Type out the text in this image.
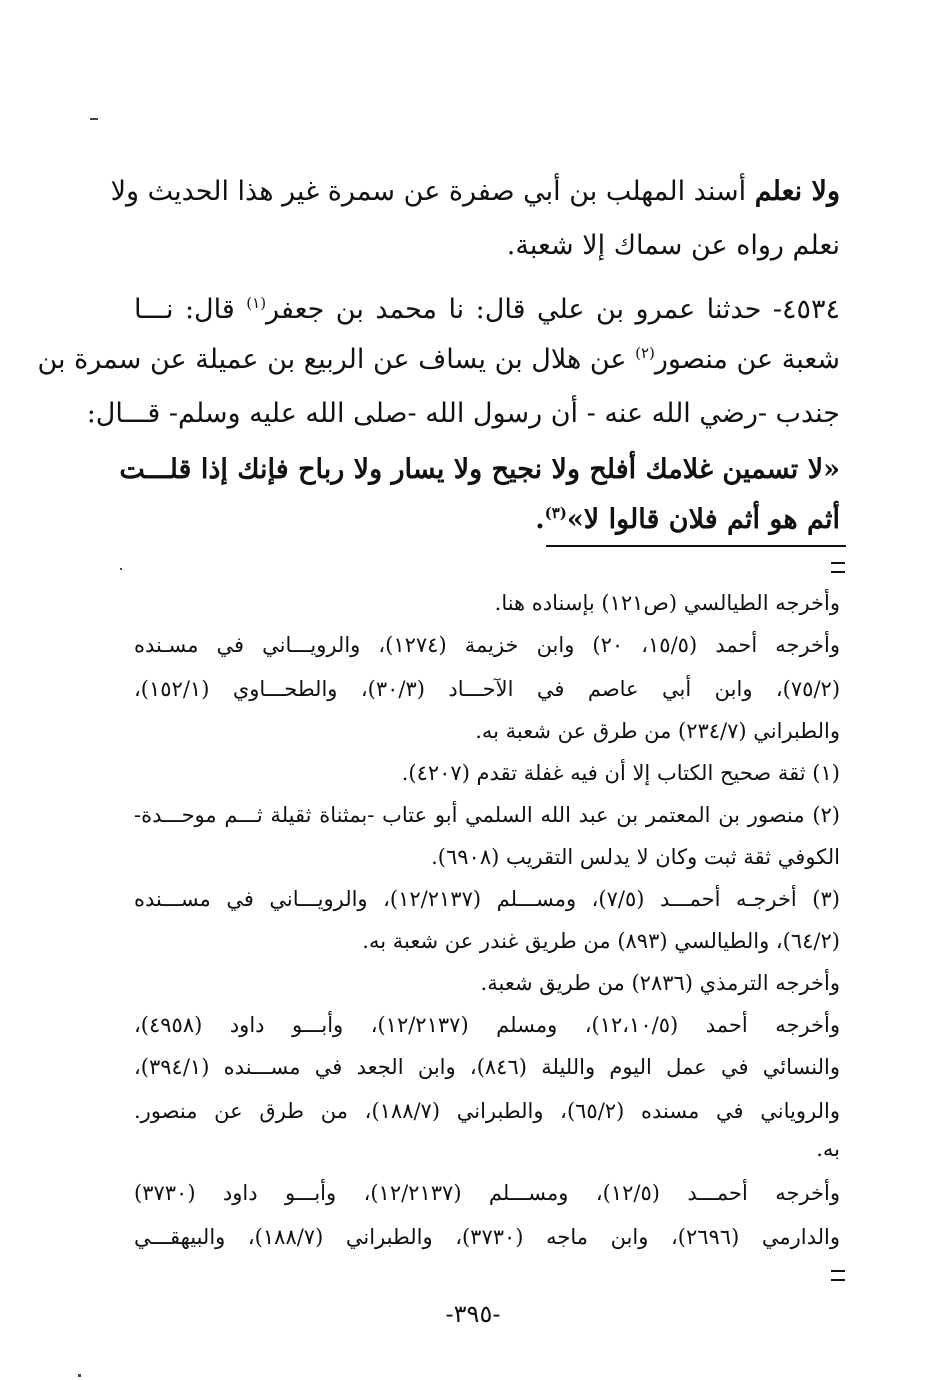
ولا نعلم أسند المهلب بن أبي صفرة عن سمرة غير هذا الحديث ولا
نعلم رواه عن سماك إلا شعبة.
٤٥٣٤- حدثنا عمرو بن علي قال: نا محمد بن جعفر$^{(١)}$ قال: نـــا
شعبة عن منصور$^{(٢)}$ عن هلال بن يساف عن الربيع بن عميلة عن سمرة بن
جندب -رضي الله عنه - أن رسول الله -صلى الله عليه وسلم- قـــال:
«لا تسمين غلامك أفلح ولا نجيح ولا يسار ولا رباح فإنك إذا قلـــت
أثم هو أثم فلان قالوا لا»$^{(٣)}$.
وأخرجه الطيالسي (ص١٢١) بإسناده هنا.
وأخرجه أحمد (١٥/٥، ٢٠) وابن خزيمة (١٢٧٤)، والرويـــاني في مسـنده
(٧٥/٢)، وابن أبي عاصم في الآحـــاد (٣٠/٣)، والطحـــاوي (١٥٢/١)،
والطبراني (٢٣٤/٧) من طرق عن شعبة به.
(١) ثقة صحيح الكتاب إلا أن فيه غفلة تقدم (٤٢٠٧).
(٢) منصور بن المعتمر بن عبد الله السلمي أبو عتاب -بمثناة ثقيلة ثـــم موحـــدة-
الكوفي ثقة ثبت وكان لا يدلس التقريب (٦٩٠٨).
(٣) أخرجـه أحمـــد (٧/٥)، ومســـلم (١٢/٢١٣٧)، والرويـــاني في مســـنده
(٦٤/٢)، والطيالسي (٨٩٣) من طريق غندر عن شعبة به.
وأخرجه الترمذي (٢٨٣٦) من طريق شعبة.
وأخرجه أحمد (١٢،١٠/٥)، ومسلم (١٢/٢١٣٧)، وأبـــو داود (٤٩٥٨)،
والنسائي في عمل اليوم والليلة (٨٤٦)، وابن الجعد في مســـنده (٣٩٤/١)،
والروياني في مسنده (٦٥/٢)، والطبراني (١٨٨/٧)، من طرق عن منصور.
به.
وأخرجه أحمـــد (١٢/٥)، ومســـلم (١٢/٢١٣٧)، وأبـــو داود (٣٧٣٠)
والدارمي (٢٦٩٦)، وابن ماجه (٣٧٣٠)، والطبراني (١٨٨/٧)، والبيهقـــي
-٣٩٥-
